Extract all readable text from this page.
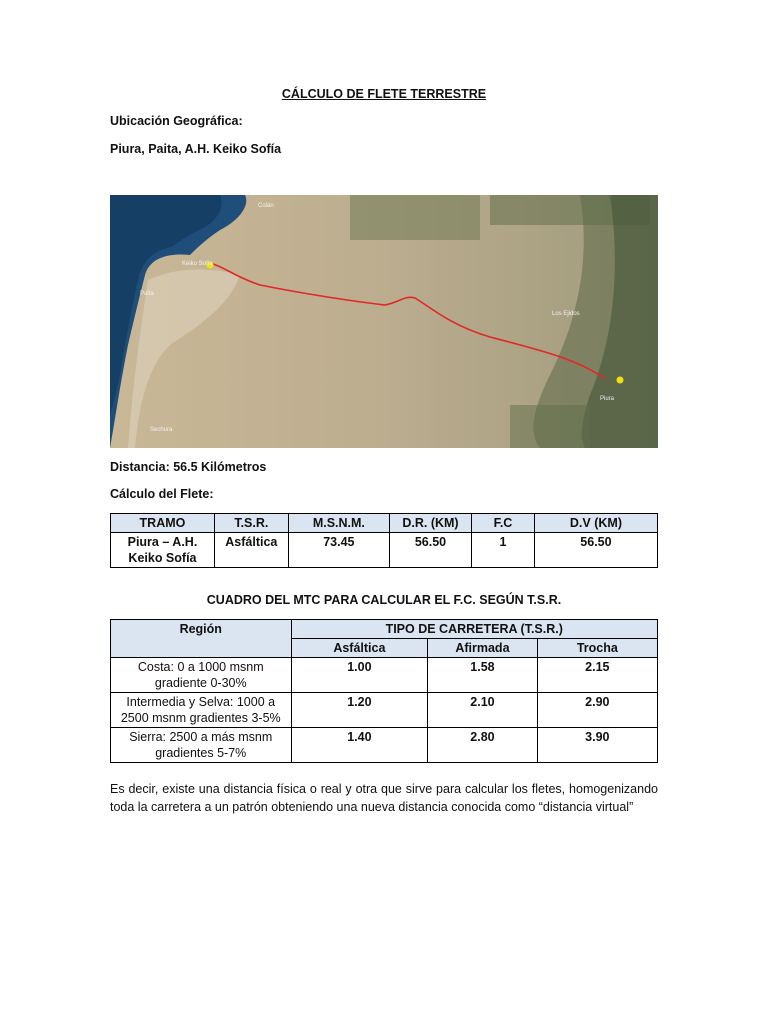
CÁLCULO DE FLETE TERRESTRE
Ubicación Geográfica:
Piura, Paita, A.H. Keiko Sofía
Paita
Colán
Los Ejidos
Piura
Sechura
Keiko Sofía
Distancia: 56.5 Kilómetros
Cálculo del Flete:
TRAMO	T.S.R.	M.S.N.M.	D.R. (KM)	F.C	D.V (KM)
Piura – A.H. Keiko Sofía	Asfáltica	73.45	56.50	1	56.50
CUADRO DEL MTC PARA CALCULAR EL F.C. SEGÚN T.S.R.
Región	TIPO DE CARRETERA (T.S.R.)		
	Asfáltica	Afirmada	Trocha
Costa: 0 a 1000 msnm gradiente 0-30%	1.00	1.58	2.15
Intermedia y Selva: 1000 a 2500 msnm gradientes 3-5%	1.20	2.10	2.90
Sierra: 2500 a más msnm gradientes 5-7%	1.40	2.80	3.90
Es decir, existe una distancia física o real y otra que sirve para calcular los fletes, homogenizando toda la carretera a un patrón obteniendo una nueva distancia conocida como “distancia virtual”
